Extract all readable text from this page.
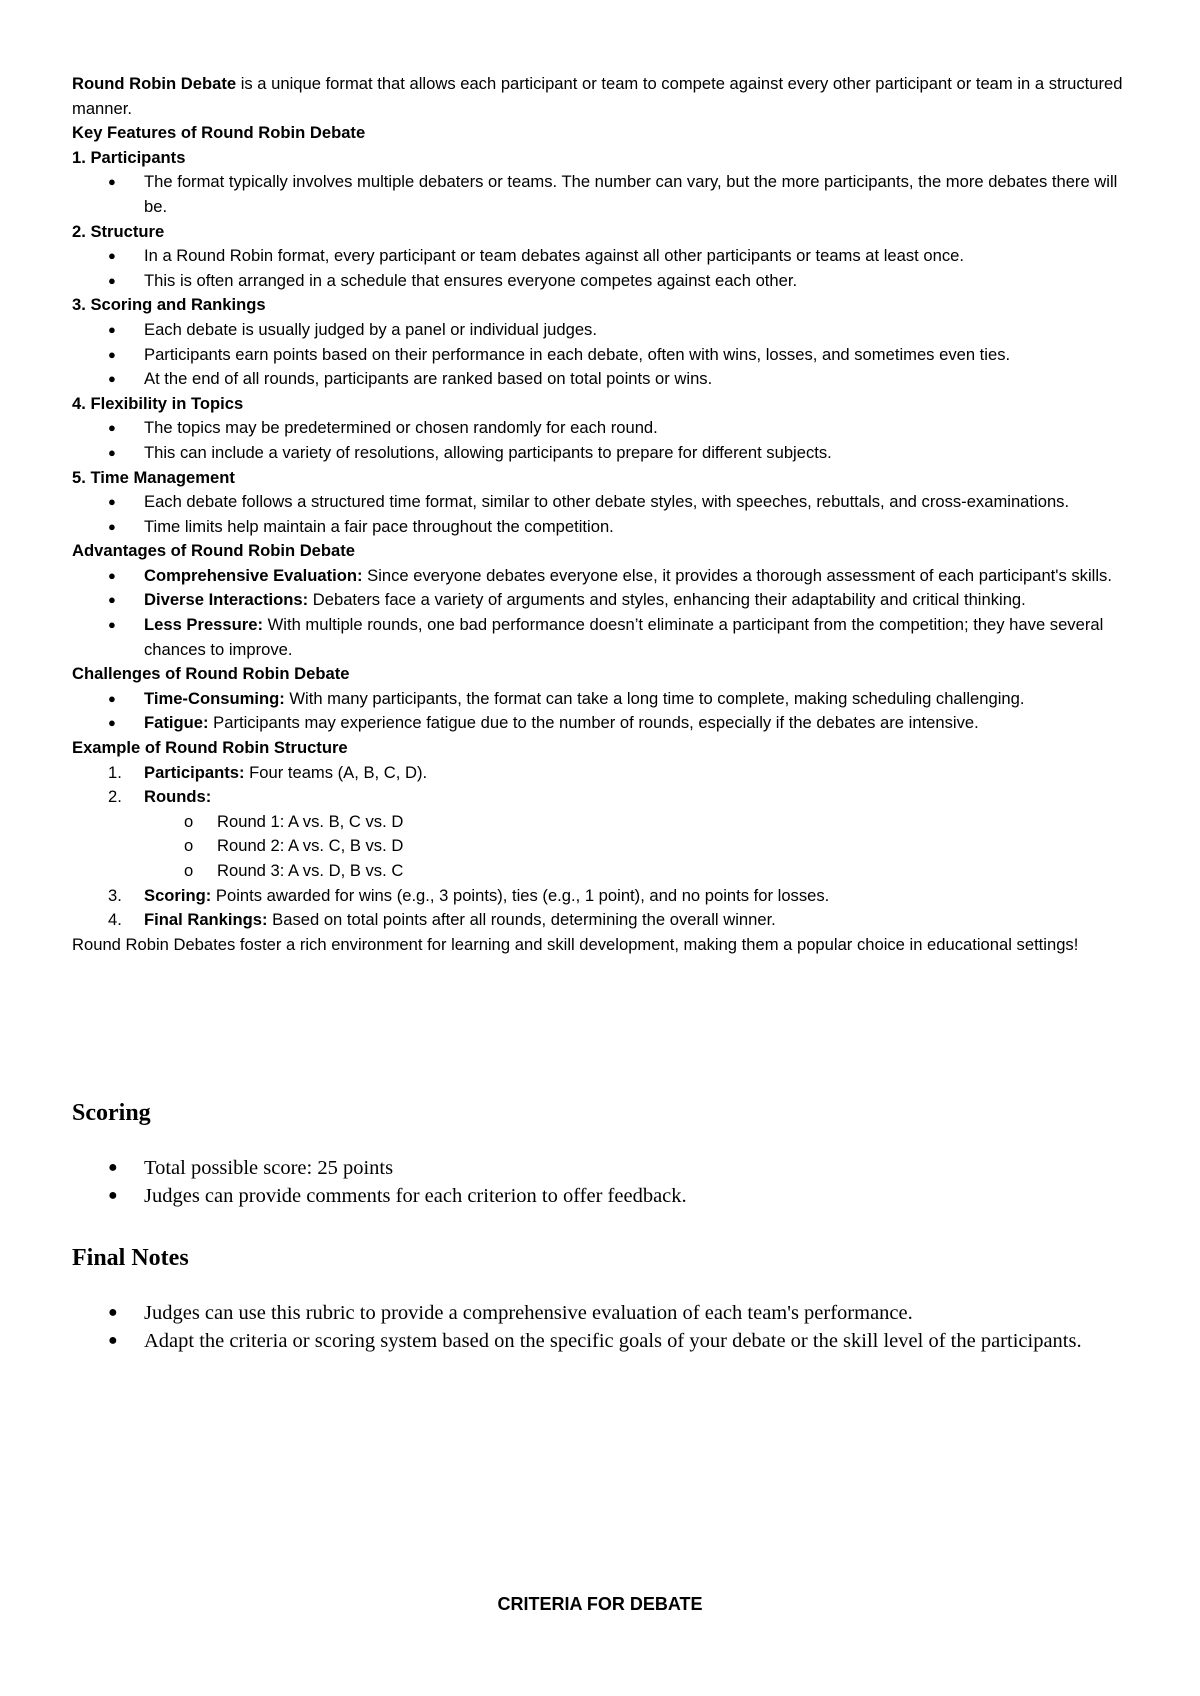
Round Robin Debate is a unique format that allows each participant or team to compete against every other participant or team in a structured manner.

Key Features of Round Robin Debate

1. Participants

●	The format typically involves multiple debaters or teams. The number can vary, but the more participants, the more debates there will be.

2. Structure

●	In a Round Robin format, every participant or team debates against all other participants or teams at least once.
●	This is often arranged in a schedule that ensures everyone competes against each other.

3. Scoring and Rankings

●	Each debate is usually judged by a panel or individual judges.
●	Participants earn points based on their performance in each debate, often with wins, losses, and sometimes even ties.
●	At the end of all rounds, participants are ranked based on total points or wins.

4. Flexibility in Topics

●	The topics may be predetermined or chosen randomly for each round.
●	This can include a variety of resolutions, allowing participants to prepare for different subjects.

5. Time Management

●	Each debate follows a structured time format, similar to other debate styles, with speeches, rebuttals, and cross-examinations.
●	Time limits help maintain a fair pace throughout the competition.

Advantages of Round Robin Debate

●	Comprehensive Evaluation: Since everyone debates everyone else, it provides a thorough assessment of each participant's skills.
●	Diverse Interactions: Debaters face a variety of arguments and styles, enhancing their adaptability and critical thinking.
●	Less Pressure: With multiple rounds, one bad performance doesn’t eliminate a participant from the competition; they have several chances to improve.

Challenges of Round Robin Debate

●	Time-Consuming: With many participants, the format can take a long time to complete, making scheduling challenging.
●	Fatigue: Participants may experience fatigue due to the number of rounds, especially if the debates are intensive.

Example of Round Robin Structure

1.	Participants: Four teams (A, B, C, D).
2.	Rounds:
o	Round 1: A vs. B, C vs. D
o	Round 2: A vs. C, B vs. D
o	Round 3: A vs. D, B vs. C
3.	Scoring: Points awarded for wins (e.g., 3 points), ties (e.g., 1 point), and no points for losses.
4.	Final Rankings: Based on total points after all rounds, determining the overall winner.

Round Robin Debates foster a rich environment for learning and skill development, making them a popular choice in educational settings!

Scoring

●	Total possible score: 25 points
●	Judges can provide comments for each criterion to offer feedback.

Final Notes

●	Judges can use this rubric to provide a comprehensive evaluation of each team's performance.
●	Adapt the criteria or scoring system based on the specific goals of your debate or the skill level of the participants.
CRITERIA FOR DEBATE
